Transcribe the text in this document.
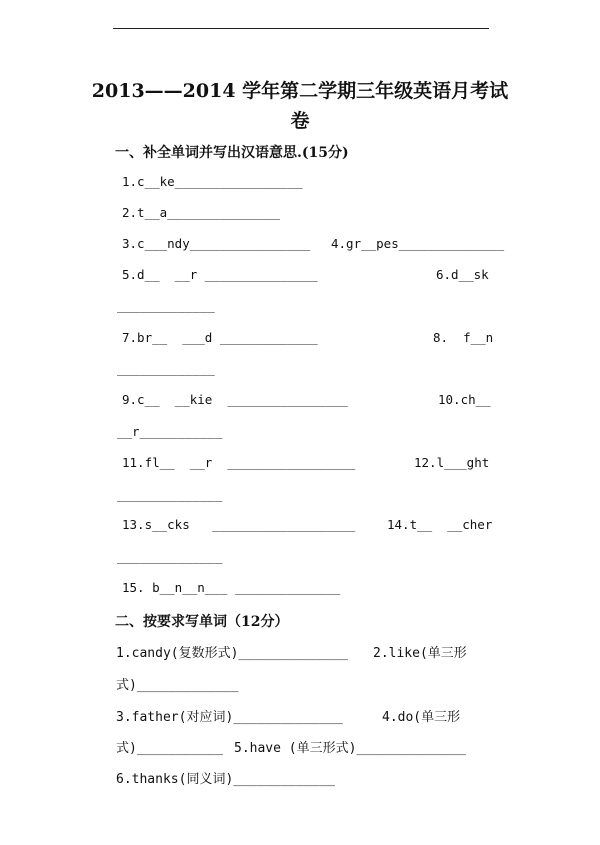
2013——2014 学年第二学期三年级英语月考试
卷
一、补全单词并写出汉语意思.(15分)
1.c__ke_________________
2.t__a_______________
3.c___ndy________________ 4.gr__pes______________
5.d__  __r _______________	6.d__sk
_____________
7.br__  ___d _____________	8.  f__n
_____________
9.c__  __kie  ________________	10.ch__
__r___________
11.fl__  __r  _________________	12.l___ght
______________
13.s__cks   ___________________	14.t__  __cher
______________
15. b__n__n___ ______________
二、按要求写单词（12分）
1.candy(复数形式)______________ 2.like(单三形
式)_____________
3.father(对应词)______________	4.do(单三形
式)___________ 5.have (单三形式)______________
6.thanks(同义词)_____________
